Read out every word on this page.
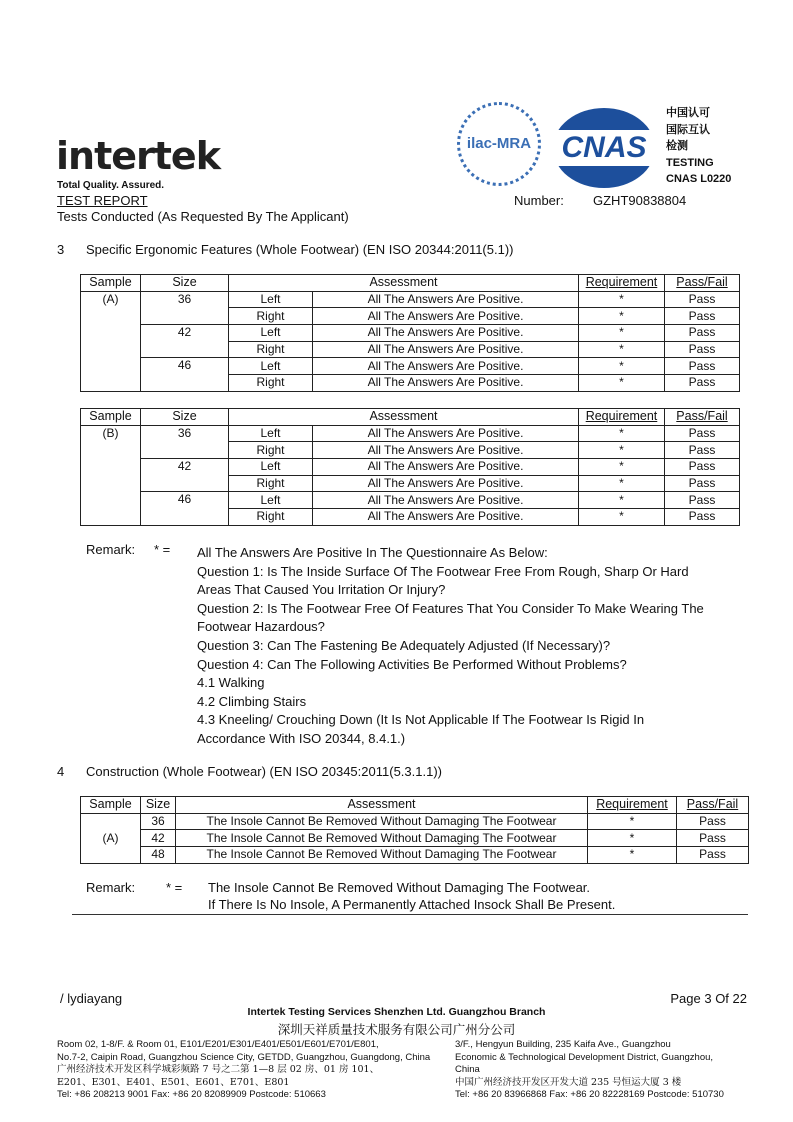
intertek
Total Quality. Assured.
ilac-MRA CNAS
中国认可
国际互认
检测
TESTING
CNAS L0220
TEST REPORT
Tests Conducted (As Requested By The Applicant)
Number: GZHT90838804
3 Specific Ergonomic Features (Whole Footwear) (EN ISO 20344:2011(5.1))
Sample	Size	Assessment		Requirement	Pass/Fail
(A)	36	Left	All The Answers Are Positive.	*	Pass
		Right	All The Answers Are Positive.	*	Pass
	42	Left	All The Answers Are Positive.	*	Pass
		Right	All The Answers Are Positive.	*	Pass
	46	Left	All The Answers Are Positive.	*	Pass
		Right	All The Answers Are Positive.	*	Pass
Sample	Size	Assessment		Requirement	Pass/Fail
(B)	36	Left	All The Answers Are Positive.	*	Pass
		Right	All The Answers Are Positive.	*	Pass
	42	Left	All The Answers Are Positive.	*	Pass
		Right	All The Answers Are Positive.	*	Pass
	46	Left	All The Answers Are Positive.	*	Pass
		Right	All The Answers Are Positive.	*	Pass
Remark: * = All The Answers Are Positive In The Questionnaire As Below:
Question 1: Is The Inside Surface Of The Footwear Free From Rough, Sharp Or Hard
Areas That Caused You Irritation Or Injury?
Question 2: Is The Footwear Free Of Features That You Consider To Make Wearing The
Footwear Hazardous?
Question 3: Can The Fastening Be Adequately Adjusted (If Necessary)?
Question 4: Can The Following Activities Be Performed Without Problems?
4.1 Walking
4.2 Climbing Stairs
4.3 Kneeling/ Crouching Down (It Is Not Applicable If The Footwear Is Rigid In
Accordance With ISO 20344, 8.4.1.)
4 Construction (Whole Footwear) (EN ISO 20345:2011(5.3.1.1))
Sample	Size	Assessment	Requirement	Pass/Fail
(A)	36	The Insole Cannot Be Removed Without Damaging The Footwear	*	Pass
	42	The Insole Cannot Be Removed Without Damaging The Footwear	*	Pass
	48	The Insole Cannot Be Removed Without Damaging The Footwear	*	Pass
Remark: * = The Insole Cannot Be Removed Without Damaging The Footwear.
If There Is No Insole, A Permanently Attached Insock Shall Be Present.
/ lydiayang	Page 3 Of 22
Intertek Testing Services Shenzhen Ltd. Guangzhou Branch
深圳天祥质量技术服务有限公司广州分公司
Room 02, 1-8/F. & Room 01, E101/E201/E301/E401/E501/E601/E701/E801,
No.7-2, Caipin Road, Guangzhou Science City, GETDD, Guangzhou, Guangdong, China
广州经济技术开发区科学城彩频路 7 号之二第 1—8 层 02 房、01 房 101、
E201、E301、E401、E501、E601、E701、E801
Tel: +86 208213 9001 Fax: +86 20 82089909 Postcode: 510663
3/F., Hengyun Building, 235 Kaifa Ave., Guangzhou
Economic & Technological Development District, Guangzhou,
China
中国广州经济技开发区开发大道 235 号恒运大厦 3 楼
Tel: +86 20 83966868 Fax: +86 20 82228169 Postcode: 510730
